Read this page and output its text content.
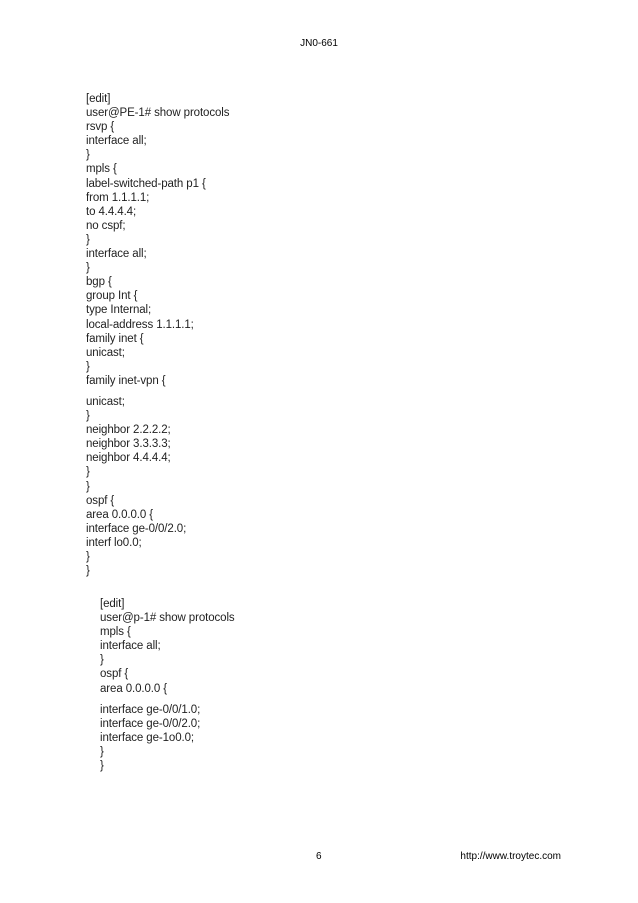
JN0-661
[edit]
user@PE-1# show protocols
rsvp {
interface all;
}
mpls {
label-switched-path p1 {
from 1.1.1.1;
to 4.4.4.4;
no cspf;
}
interface all;
}
bgp {
group Int {
type Internal;
local-address 1.1.1.1;
family inet {
unicast;
}
family inet-vpn {
unicast;
}
neighbor 2.2.2.2;
neighbor 3.3.3.3;
neighbor 4.4.4.4;
}
}
ospf {
area 0.0.0.0 {
interface ge-0/0/2.0;
interf lo0.0;
}
}
[edit]
user@p-1# show protocols
mpls {
interface all;
}
ospf {
area 0.0.0.0 {
interface ge-0/0/1.0;
interface ge-0/0/2.0;
interface ge-1o0.0;
}
}
6	http://www.troytec.com
